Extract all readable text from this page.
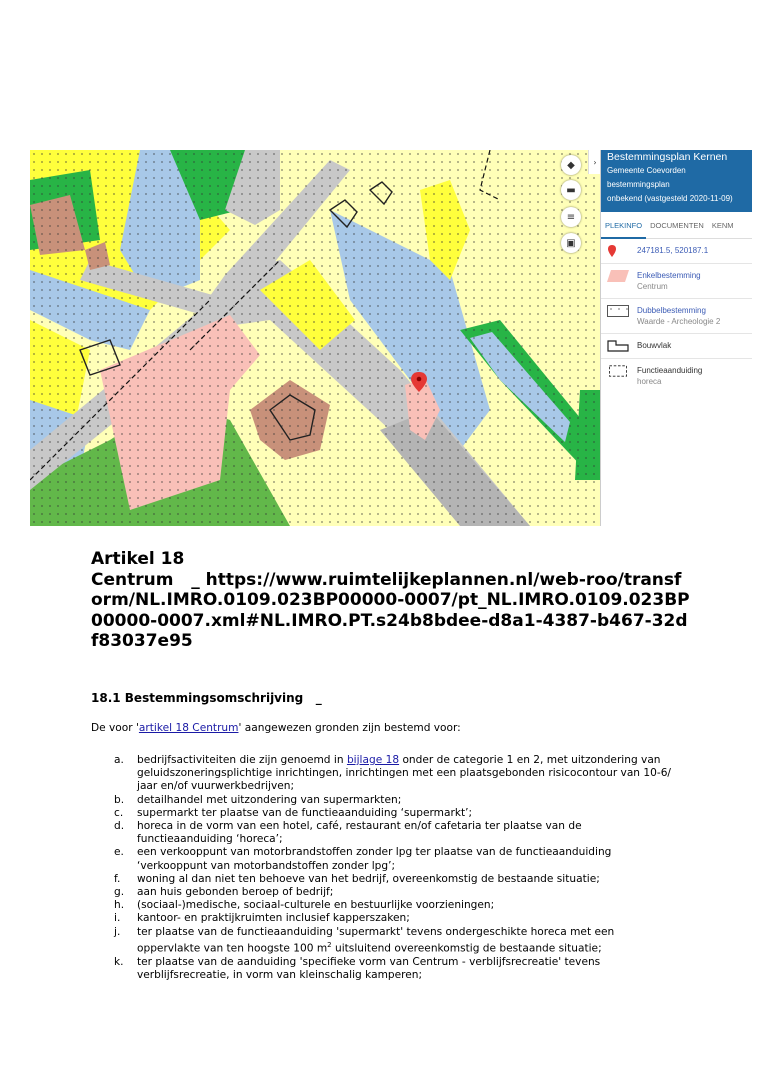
◆
▬
≡
▣
› Bestemmingsplan Kernen
Gemeente Coevorden
bestemmingsplan
onbekend (vastgesteld 2020-11-09)
PLEKINFO	DOCUMENTEN	KENM
247181.5, 520187.1
Enkelbestemming
Centrum
Dubbelbestemming
Waarde - Archeologie 2
Bouwvlak
Functieaanduiding
horeca
Artikel 18
Centrum _ https://www.ruimtelijkeplannen.nl/web-roo/transform/NL.IMRO.0109.023BP00000-0007/pt_NL.IMRO.0109.023BP00000-0007.xml#NL.IMRO.PT.s24b8bdee-d8a1-4387-b467-32df83037e95
18.1 Bestemmingsomschrijving _
De voor 'artikel 18 Centrum' aangewezen gronden zijn bestemd voor:
a. bedrijfsactiviteiten die zijn genoemd in bijlage 18 onder de categorie 1 en 2, met uitzondering van geluidszoneringsplichtige inrichtingen, inrichtingen met een plaatsgebonden risicocontour van 10-6/ jaar en/of vuurwerkbedrijven;
b. detailhandel met uitzondering van supermarkten;
c. supermarkt ter plaatse van de functieaanduiding ‘supermarkt’;
d. horeca in de vorm van een hotel, café, restaurant en/of cafetaria ter plaatse van de functieaanduiding ‘horeca’;
e. een verkooppunt van motorbrandstoffen zonder lpg ter plaatse van de functieaanduiding ‘verkooppunt van motorbandstoffen zonder lpg’;
f. woning al dan niet ten behoeve van het bedrijf, overeenkomstig de bestaande situatie;
g. aan huis gebonden beroep of bedrijf;
h. (sociaal-)medische, sociaal-culturele en bestuurlijke voorzieningen;
i. kantoor- en praktijkruimten inclusief kapperszaken;
j. ter plaatse van de functieaanduiding 'supermarkt' tevens ondergeschikte horeca met een oppervlakte van ten hoogste 100 $m^2$ uitsluitend overeenkomstig de bestaande situatie;
k. ter plaatse van de aanduiding 'specifieke vorm van Centrum - verblijfsrecreatie' tevens verblijfsrecreatie, in vorm van kleinschalig kamperen;
